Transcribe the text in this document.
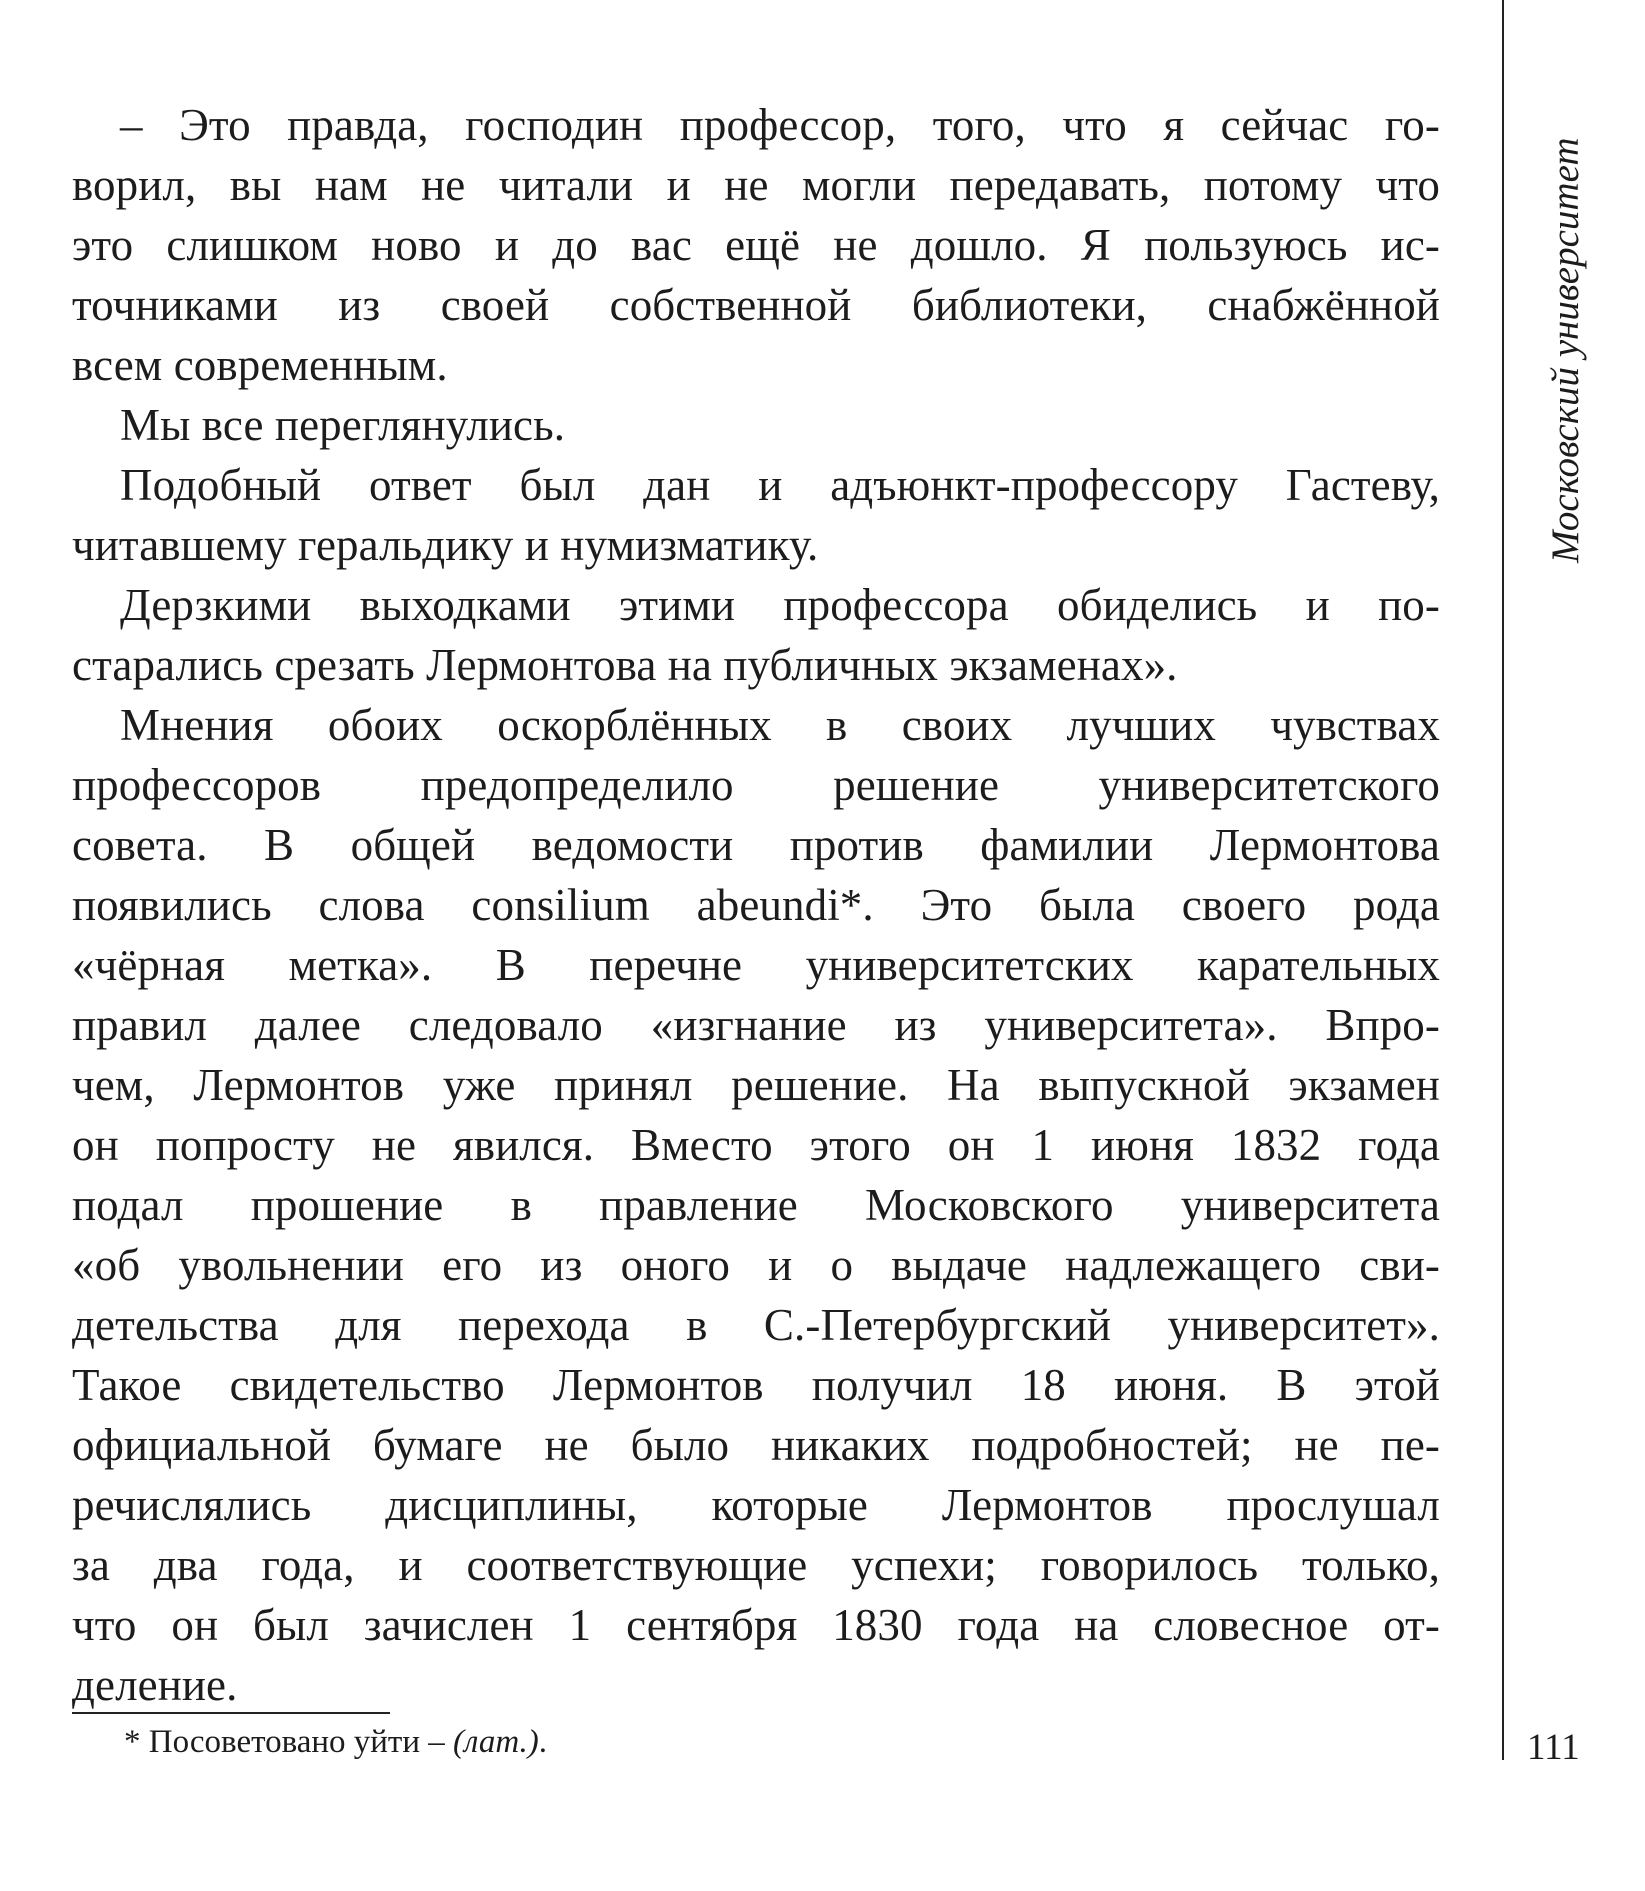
– Это правда, господин профессор, того, что я сейчас го-
ворил, вы нам не читали и не могли передавать, потому что
это слишком ново и до вас ещё не дошло. Я пользуюсь ис-
точниками из своей собственной библиотеки, снабжённой
всем современным.
Мы все переглянулись.
Подобный ответ был дан и адъюнкт-профессору Гастеву,
читавшему геральдику и нумизматику.
Дерзкими выходками этими профессора обиделись и по-
старались срезать Лермонтова на публичных экзаменах».
Мнения обоих оскорблённых в своих лучших чувствах
профессоров предопределило решение университетского
совета. В общей ведомости против фамилии Лермонтова
появились слова consilium abeundi*. Это была своего рода
«чёрная метка». В перечне университетских карательных
правил далее следовало «изгнание из университета». Впро-
чем, Лермонтов уже принял решение. На выпускной экзамен
он попросту не явился. Вместо этого он 1 июня 1832 года
подал прошение в правление Московского университета
«об увольнении его из оного и о выдаче надлежащего сви-
детельства для перехода в С.-Петербургский университет».
Такое свидетельство Лермонтов получил 18 июня. В этой
официальной бумаге не было никаких подробностей; не пе-
речислялись дисциплины, которые Лермонтов прослушал
за два года, и соответствующие успехи; говорилось только,
что он был зачислен 1 сентября 1830 года на словесное от-
деление.
* Посоветовано уйти – (лат.).
Московский университет
111
